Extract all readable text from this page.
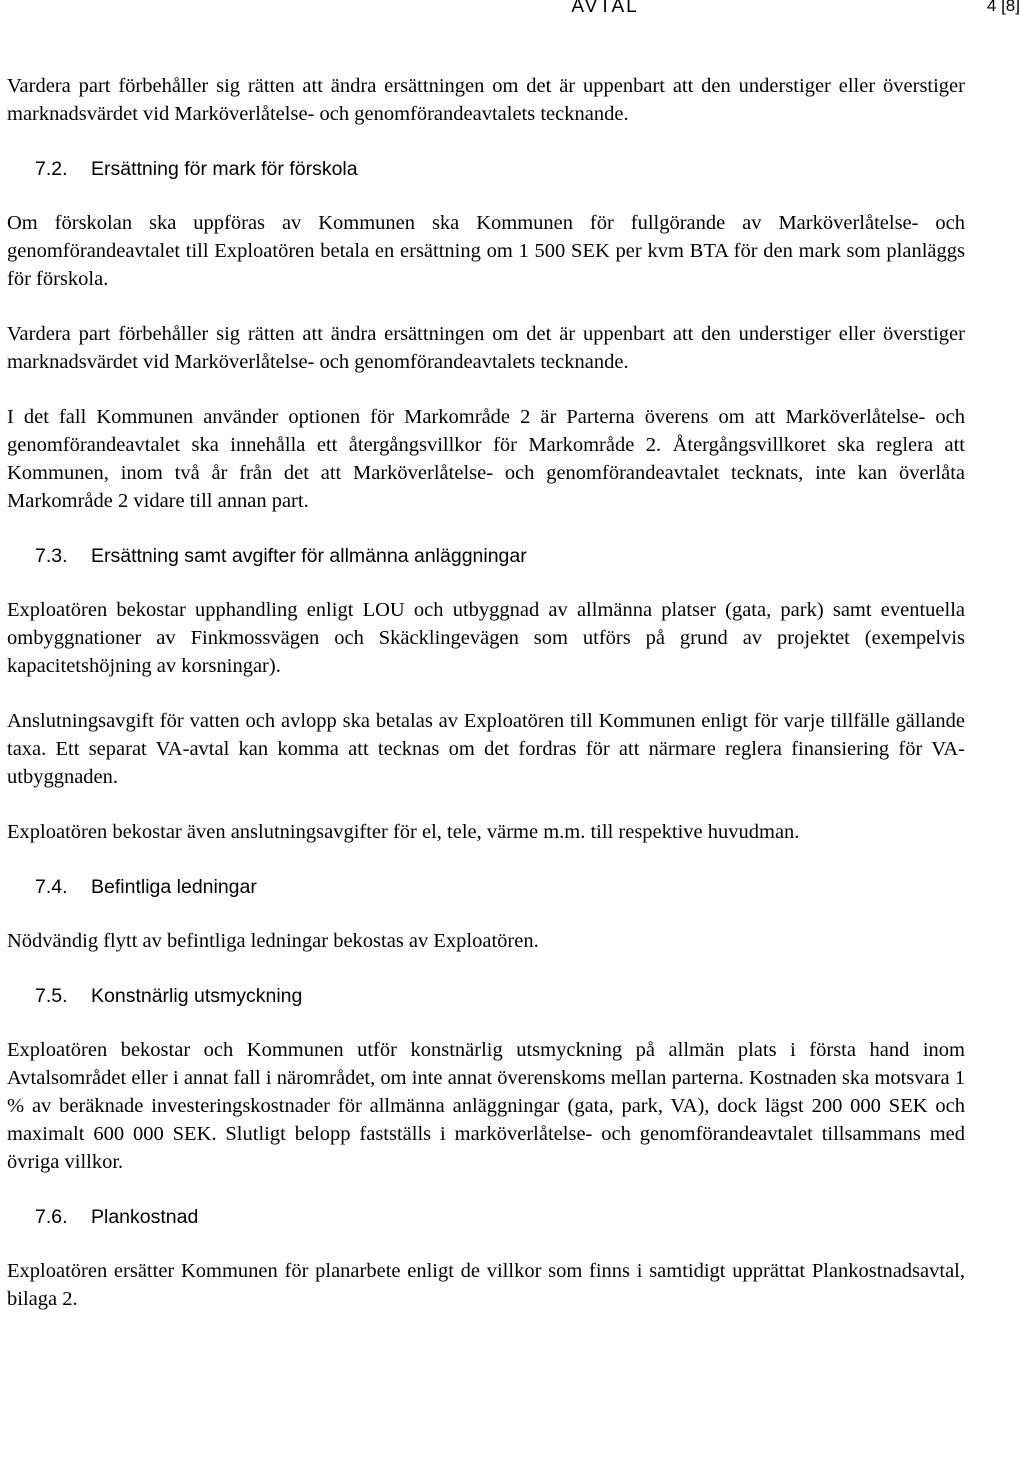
AVTAL	4 [8]

Vardera part förbehåller sig rätten att ändra ersättningen om det är uppenbart att den understiger eller överstiger marknadsvärdet vid Marköverlåtelse- och genomförandeavtalets tecknande.

7.2.	Ersättning för mark för förskola

Om förskolan ska uppföras av Kommunen ska Kommunen för fullgörande av Marköverlåtelse- och genomförandeavtalet till Exploatören betala en ersättning om 1 500 SEK per kvm BTA för den mark som planläggs för förskola.

Vardera part förbehåller sig rätten att ändra ersättningen om det är uppenbart att den understiger eller överstiger marknadsvärdet vid Marköverlåtelse- och genomförandeavtalets tecknande.

I det fall Kommunen använder optionen för Markområde 2 är Parterna överens om att Marköverlåtelse- och genomförandeavtalet ska innehålla ett återgångsvillkor för Markområde 2. Återgångsvillkoret ska reglera att Kommunen, inom två år från det att Marköverlåtelse- och genomförandeavtalet tecknats, inte kan överlåta Markområde 2 vidare till annan part.

7.3.	Ersättning samt avgifter för allmänna anläggningar

Exploatören bekostar upphandling enligt LOU och utbyggnad av allmänna platser (gata, park) samt eventuella ombyggnationer av Finkmossvägen och Skäcklingevägen som utförs på grund av projektet (exempelvis kapacitetshöjning av korsningar).

Anslutningsavgift för vatten och avlopp ska betalas av Exploatören till Kommunen enligt för varje tillfälle gällande taxa. Ett separat VA-avtal kan komma att tecknas om det fordras för att närmare reglera finansiering för VA-utbyggnaden.

Exploatören bekostar även anslutningsavgifter för el, tele, värme m.m. till respektive huvudman.

7.4.	Befintliga ledningar

Nödvändig flytt av befintliga ledningar bekostas av Exploatören.

7.5.	Konstnärlig utsmyckning

Exploatören bekostar och Kommunen utför konstnärlig utsmyckning på allmän plats i första hand inom Avtalsområdet eller i annat fall i närområdet, om inte annat överenskoms mellan parterna. Kostnaden ska motsvara 1 % av beräknade investeringskostnader för allmänna anläggningar (gata, park, VA), dock lägst 200 000 SEK och maximalt 600 000 SEK. Slutligt belopp fastställs i marköverlåtelse- och genomförandeavtalet tillsammans med övriga villkor.

7.6.	Plankostnad

Exploatören ersätter Kommunen för planarbete enligt de villkor som finns i samtidigt upprättat Plankostnadsavtal, bilaga 2.
